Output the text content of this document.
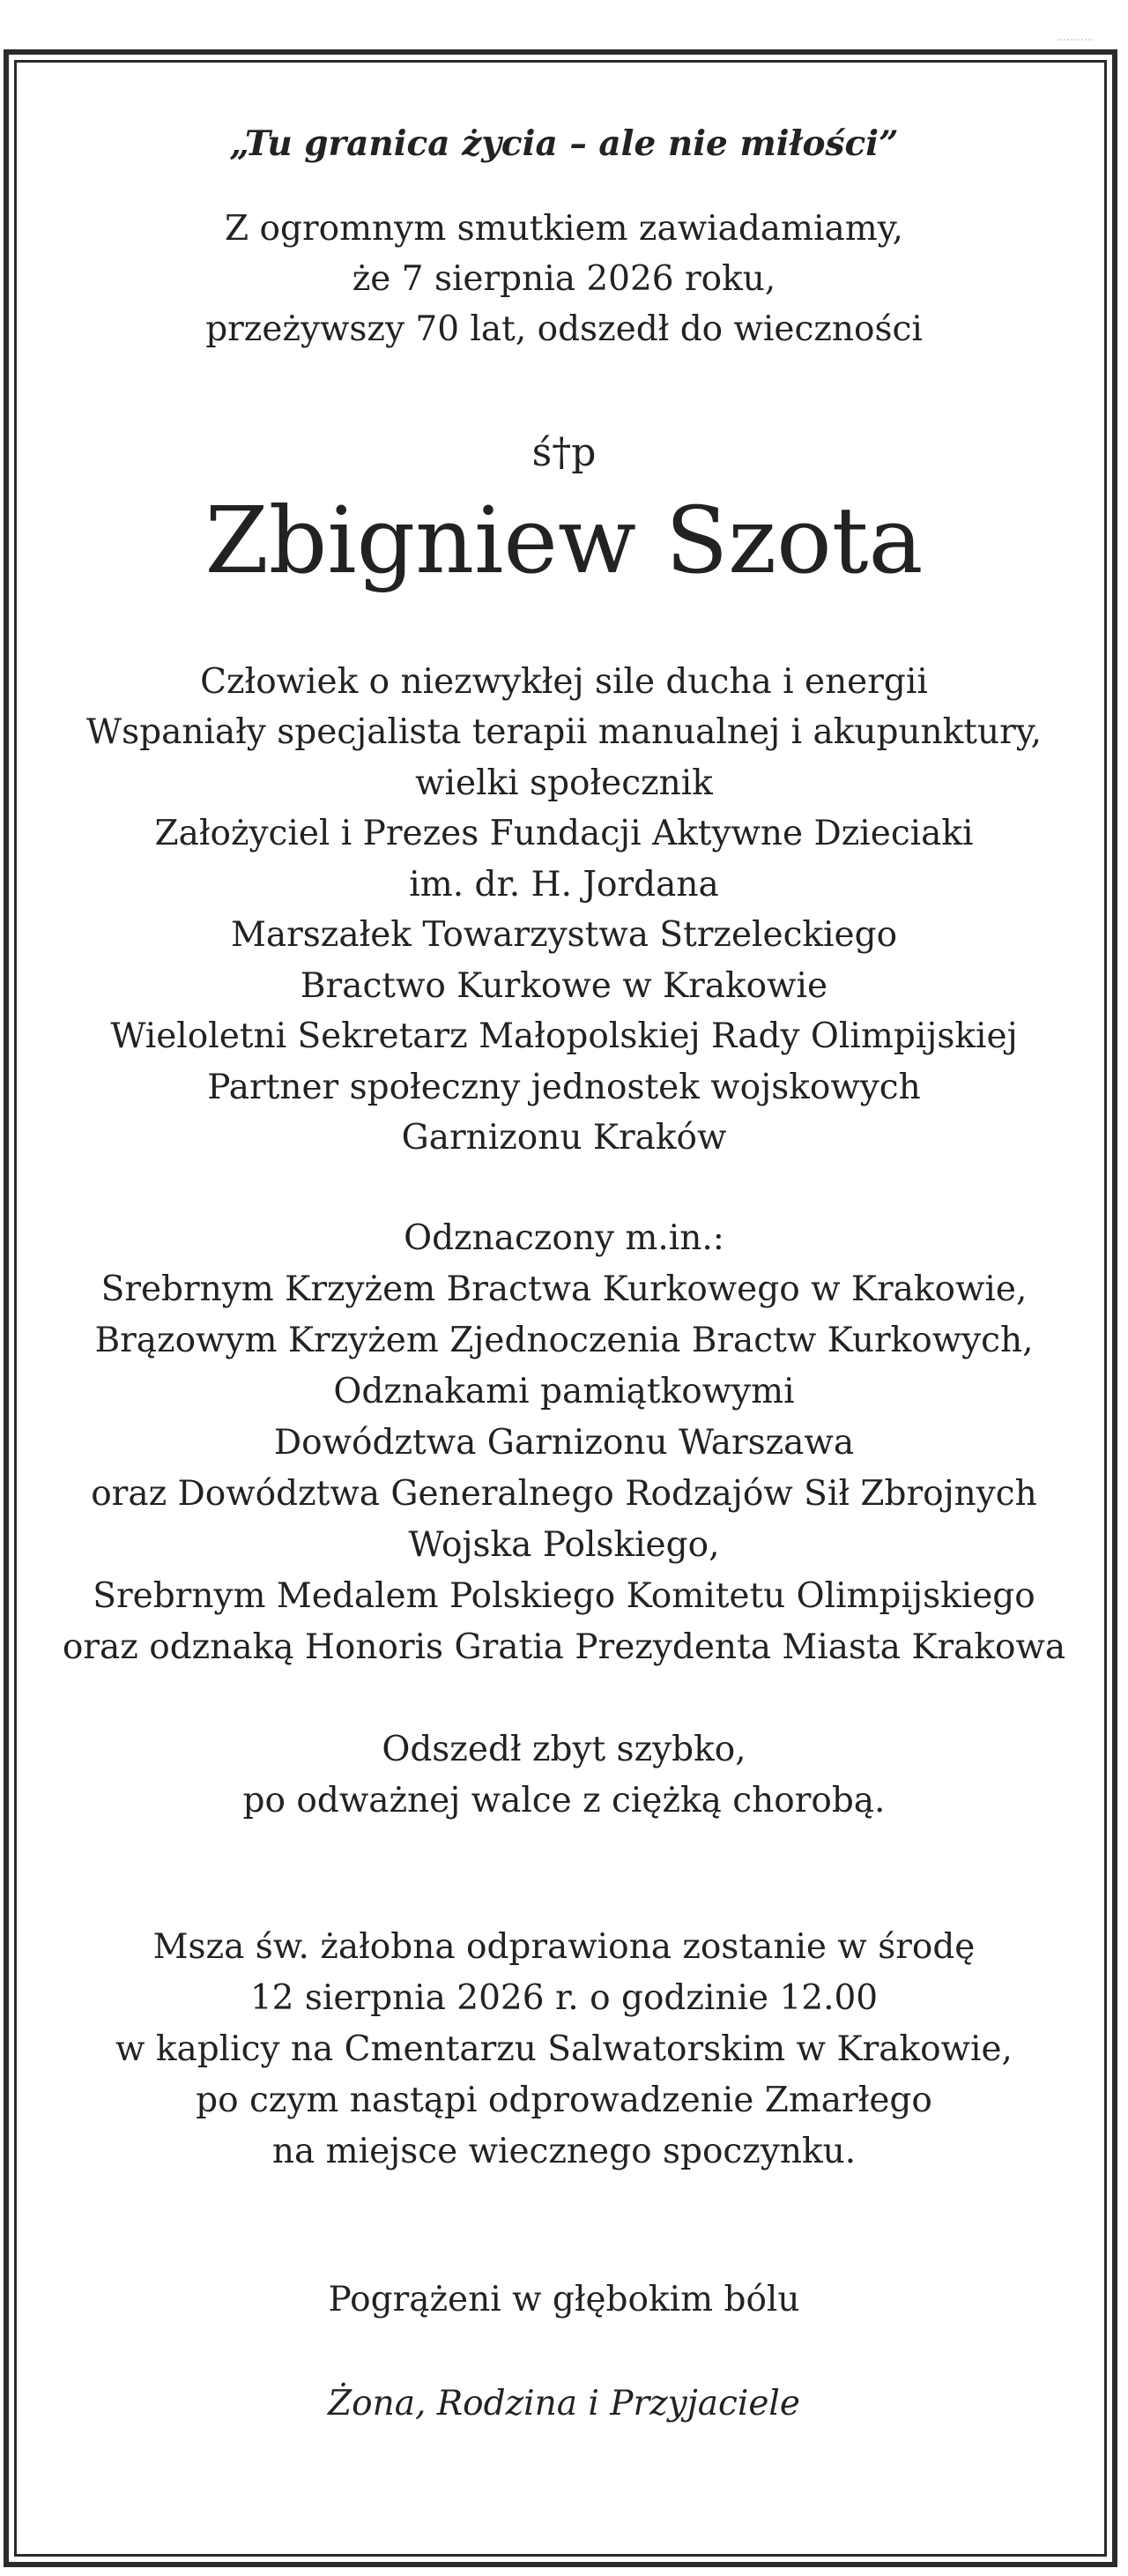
„Tu granica życia – ale nie miłości”
Z ogromnym smutkiem zawiadamiamy,
że 7 sierpnia 2026 roku,
przeżywszy 70 lat, odszedł do wieczności
ś†p
Zbigniew Szota
Człowiek o niezwykłej sile ducha i energii
Wspaniały specjalista terapii manualnej i akupunktury,
wielki społecznik
Założyciel i Prezes Fundacji Aktywne Dzieciaki
im. dr. H. Jordana
Marszałek Towarzystwa Strzeleckiego
Bractwo Kurkowe w Krakowie
Wieloletni Sekretarz Małopolskiej Rady Olimpijskiej
Partner społeczny jednostek wojskowych
Garnizonu Kraków
Odznaczony m.in.:
Srebrnym Krzyżem Bractwa Kurkowego w Krakowie,
Brązowym Krzyżem Zjednoczenia Bractw Kurkowych,
Odznakami pamiątkowymi
Dowództwa Garnizonu Warszawa
oraz Dowództwa Generalnego Rodzajów Sił Zbrojnych
Wojska Polskiego,
Srebrnym Medalem Polskiego Komitetu Olimpijskiego
oraz odznaką Honoris Gratia Prezydenta Miasta Krakowa
Odszedł zbyt szybko,
po odważnej walce z ciężką chorobą.
Msza św. żałobna odprawiona zostanie w środę
12 sierpnia 2026 r. o godzinie 12.00
w kaplicy na Cmentarzu Salwatorskim w Krakowie,
po czym nastąpi odprowadzenie Zmarłego
na miejsce wiecznego spoczynku.
Pogrążeni w głębokim bólu
Żona, Rodzina i Przyjaciele
